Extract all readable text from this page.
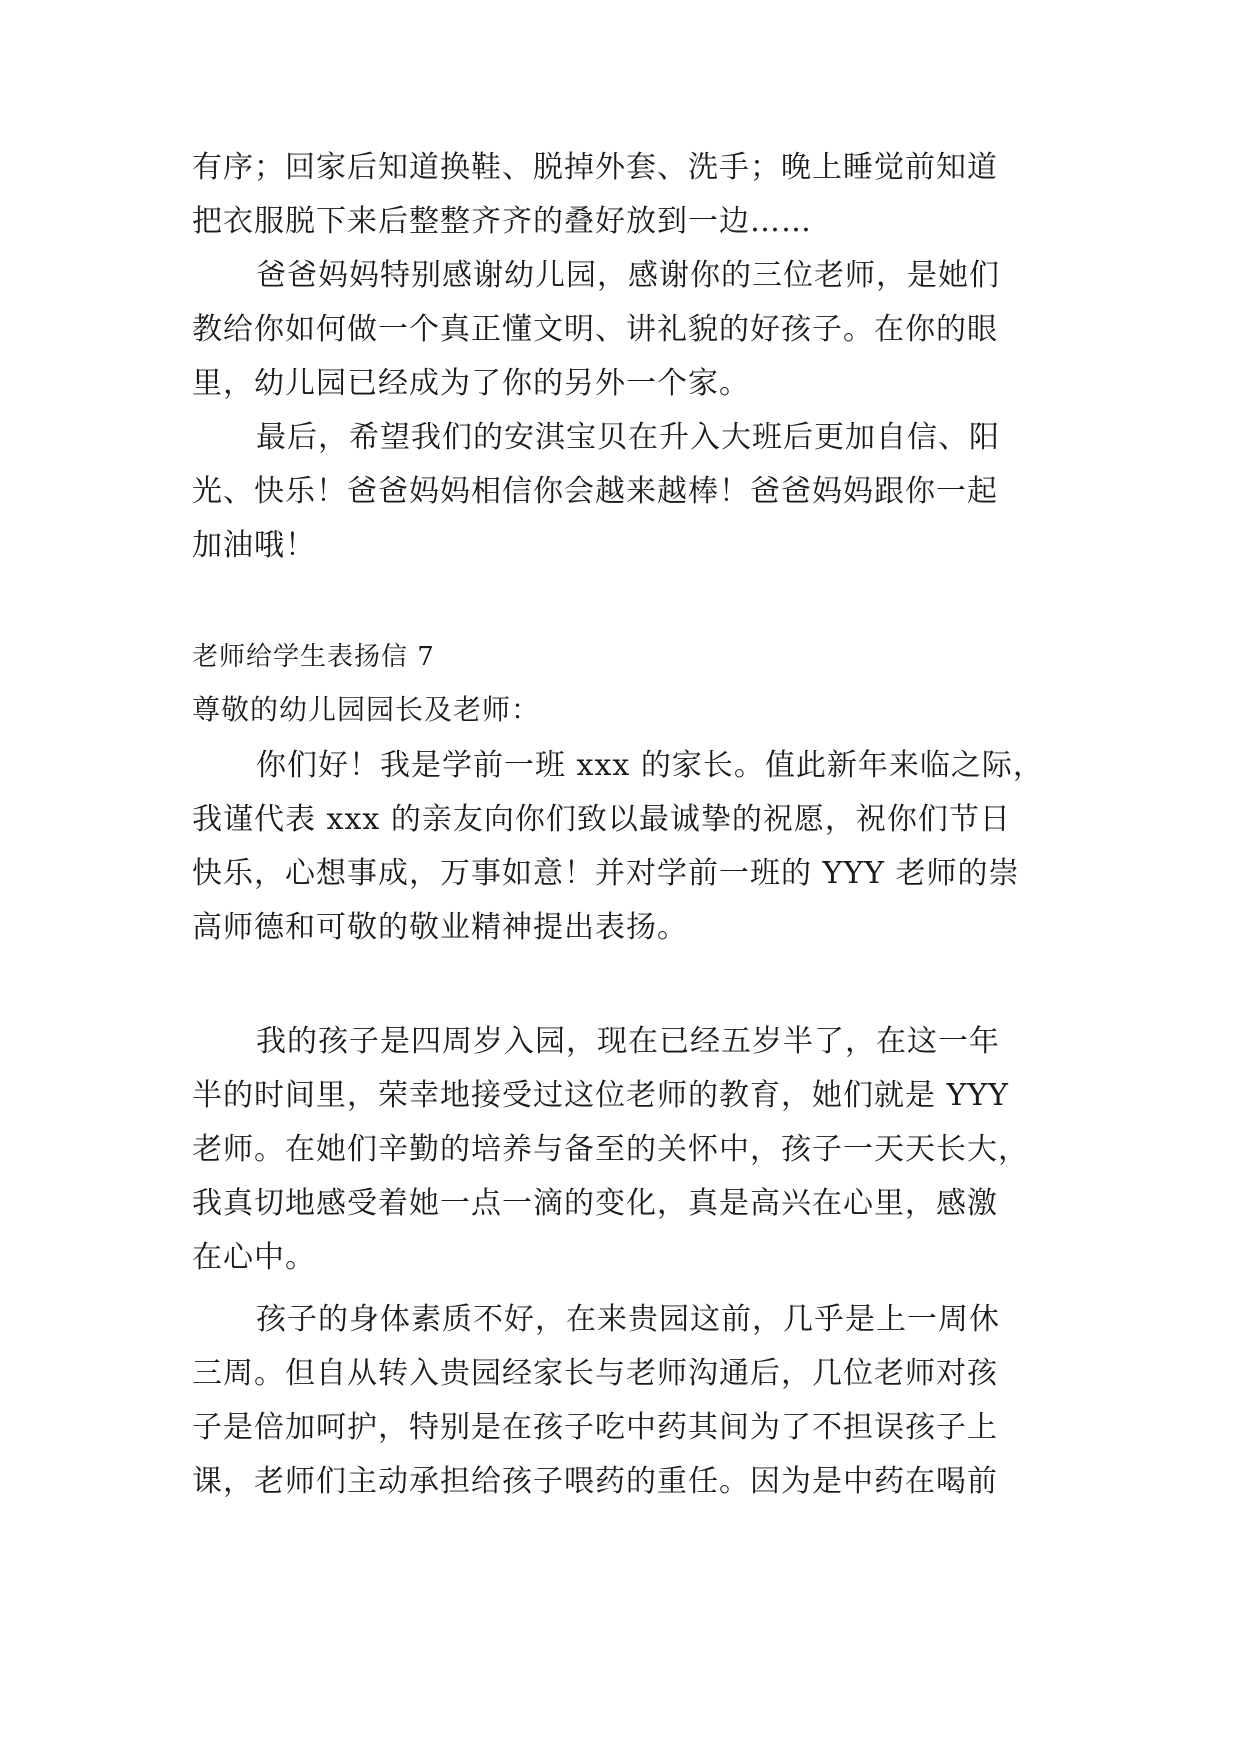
有序；回家后知道换鞋、脱掉外套、洗手；晚上睡觉前知道
把衣服脱下来后整整齐齐的叠好放到一边……
爸爸妈妈特别感谢幼儿园，感谢你的三位老师，是她们
教给你如何做一个真正懂文明、讲礼貌的好孩子。在你的眼
里，幼儿园已经成为了你的另外一个家。
最后，希望我们的安淇宝贝在升入大班后更加自信、阳
光、快乐！爸爸妈妈相信你会越来越棒！爸爸妈妈跟你一起
加油哦！
老师给学生表扬信 7
尊敬的幼儿园园长及老师：
你们好！我是学前一班 xxx 的家长。值此新年来临之际，
我谨代表 xxx 的亲友向你们致以最诚挚的祝愿，祝你们节日
快乐，心想事成，万事如意！并对学前一班的 YYY 老师的崇
高师德和可敬的敬业精神提出表扬。
我的孩子是四周岁入园，现在已经五岁半了，在这一年
半的时间里，荣幸地接受过这位老师的教育，她们就是 YYY
老师。在她们辛勤的培养与备至的关怀中，孩子一天天长大，
我真切地感受着她一点一滴的变化，真是高兴在心里，感激
在心中。
孩子的身体素质不好，在来贵园这前，几乎是上一周休
三周。但自从转入贵园经家长与老师沟通后，几位老师对孩
子是倍加呵护，特别是在孩子吃中药其间为了不担误孩子上
课，老师们主动承担给孩子喂药的重任。因为是中药在喝前
